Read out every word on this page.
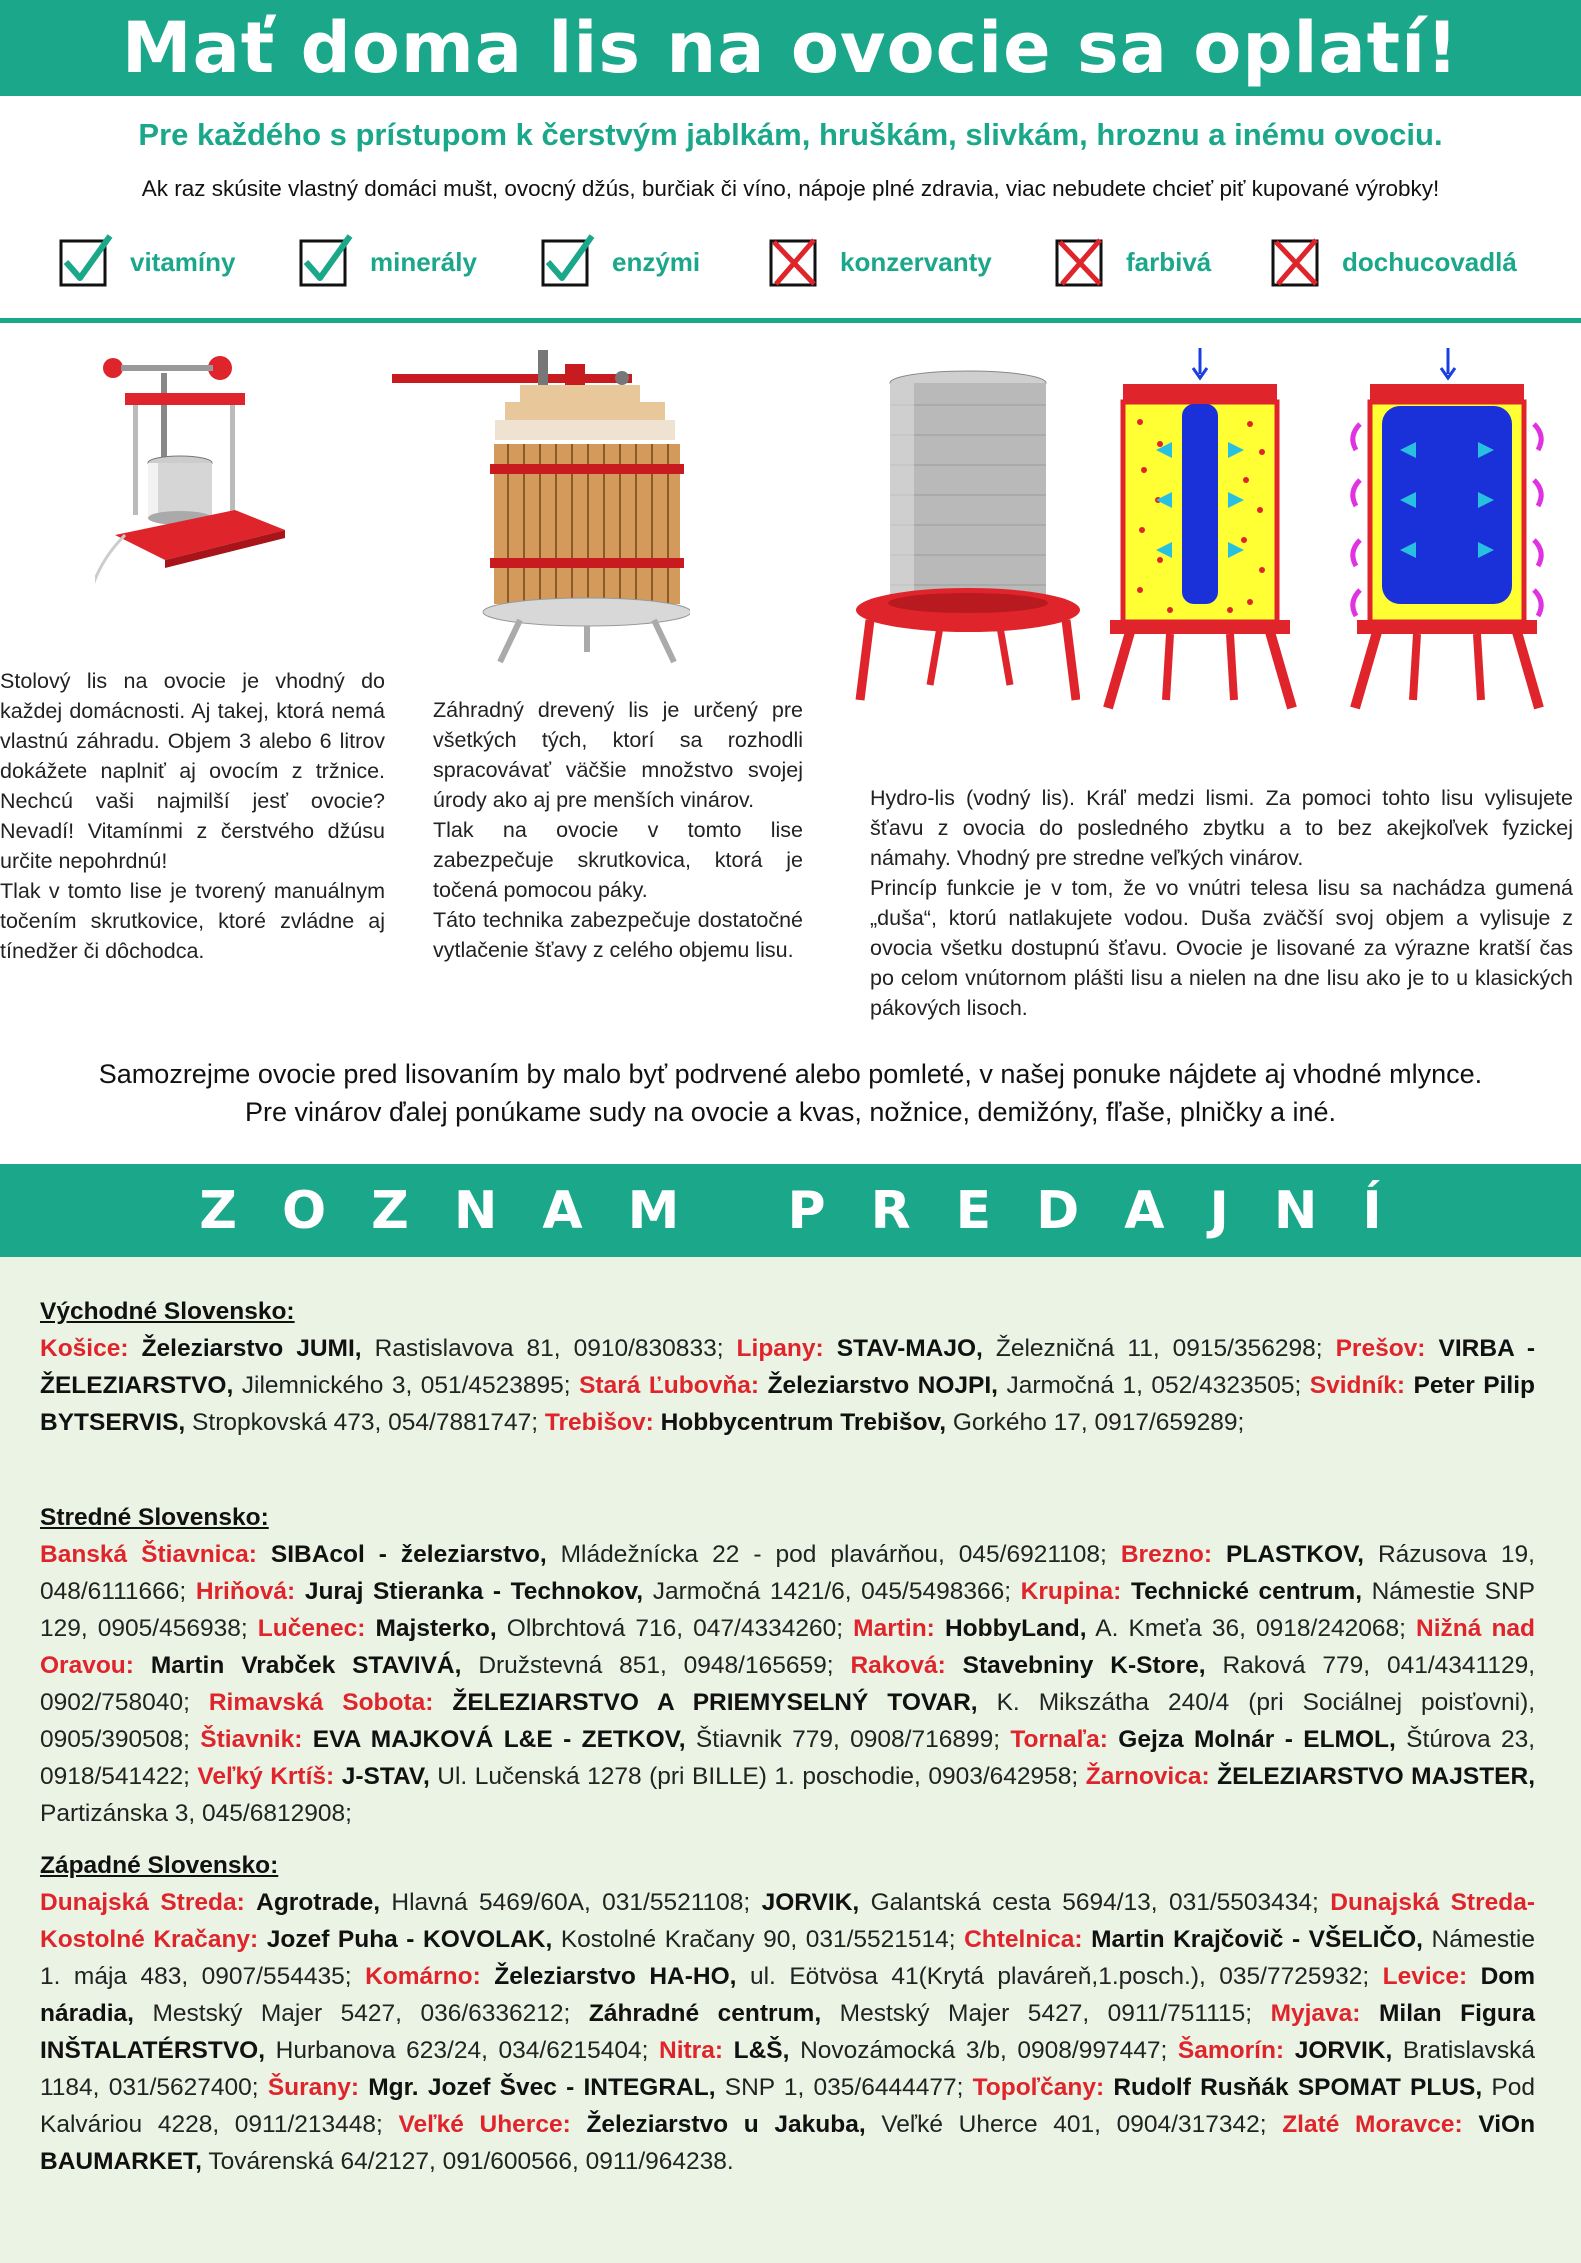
Mať doma lis na ovocie sa oplatí!
Pre každého s prístupom k čerstvým jablkám, hruškám, slivkám, hroznu a inému ovociu.
Ak raz skúsite vlastný domáci mušt, ovocný džús, burčiak či víno, nápoje plné zdravia, viac nebudete chcieť piť kupované výrobky!
vitamíny	minerály	enzými	konzervanty	farbivá	dochucovadlá

Stolový lis na ovocie je vhodný do každej domácnosti. Aj takej, ktorá nemá vlastnú záhradu. Objem 3 alebo 6 litrov dokážete naplniť aj ovocím z tržnice. Nechcú vaši najmilší jesť ovocie? Nevadí! Vitamínmi z čerstvého džúsu určite nepohrdnú!

Tlak v tomto lise je tvorený manuálnym točením skrutkovice, ktoré zvládne aj tínedžer či dôchodca.

Záhradný drevený lis je určený pre všetkých tých, ktorí sa rozhodli spracovávať väčšie množstvo svojej úrody ako aj pre menších vinárov.

Tlak na ovocie v tomto lise zabezpečuje skrutkovica, ktorá je točená pomocou páky.

Táto technika zabezpečuje dostatočné vytlačenie šťavy z celého objemu lisu.

Hydro-lis (vodný lis). Kráľ medzi lismi. Za pomoci tohto lisu vylisujete šťavu z ovocia do posledného zbytku a to bez akejkoľvek fyzickej námahy. Vhodný pre stredne veľkých vinárov.

Princíp funkcie je v tom, že vo vnútri telesa lisu sa nachádza gumená „duša“, ktorú natlakujete vodou. Duša zväčší svoj objem a vylisuje z ovocia všetku dostupnú šťavu. Ovocie je lisované za výrazne kratší čas po celom vnútornom plášti lisu a nielen na dne lisu ako je to u klasických pákových lisoch.

Samozrejme ovocie pred lisovaním by malo byť podrvené alebo pomleté, v našej ponuke nájdete aj vhodné mlynce.
Pre vinárov ďalej ponúkame sudy na ovocie a kvas, nožnice, demižóny, fľaše, plničky a iné.
ZOZNAM PREDAJNÍ
Východné Slovensko:
Košice: Železiarstvo JUMI, Rastislavova 81, 0910/830833; Lipany: STAV-MAJO, Železničná 11, 0915/356298; Prešov: VIRBA - ŽELEZIARSTVO, Jilemnického 3, 051/4523895; Stará Ľubovňa: Železiarstvo NOJPI, Jarmočná 1, 052/4323505; Svidník: Peter Pilip BYTSERVIS, Stropkovská 473, 054/7881747; Trebišov: Hobbycentrum Trebišov, Gorkého 17, 0917/659289;
Stredné Slovensko:
Banská Štiavnica: SIBAcol - železiarstvo, Mládežnícka 22 - pod plavárňou, 045/6921108; Brezno: PLASTKOV, Rázusova 19, 048/6111666; Hriňová: Juraj Stieranka - Technokov, Jarmočná 1421/6, 045/5498366; Krupina: Technické centrum, Námestie SNP 129, 0905/456938; Lučenec: Majsterko, Olbrchtová 716, 047/4334260; Martin: HobbyLand, A. Kmeťa 36, 0918/242068; Nižná nad Oravou: Martin Vrabček STAVIVÁ, Družstevná 851, 0948/165659; Raková: Stavebniny K-Store, Raková 779, 041/4341129, 0902/758040; Rimavská Sobota: ŽELEZIARSTVO A PRIEMYSELNÝ TOVAR, K. Mikszátha 240/4 (pri Sociálnej poisťovni), 0905/390508; Štiavnik: EVA MAJKOVÁ L&E - ZETKOV, Štiavnik 779, 0908/716899; Tornaľa: Gejza Molnár - ELMOL, Štúrova 23, 0918/541422; Veľký Krtíš: J-STAV, Ul. Lučenská 1278 (pri BILLE) 1. poschodie, 0903/642958; Žarnovica: ŽELEZIARSTVO MAJSTER, Partizánska 3, 045/6812908;
Západné Slovensko:
Dunajská Streda: Agrotrade, Hlavná 5469/60A, 031/5521108; JORVIK, Galantská cesta 5694/13, 031/5503434; Dunajská Streda-Kostolné Kračany: Jozef Puha - KOVOLAK, Kostolné Kračany 90, 031/5521514; Chtelnica: Martin Krajčovič - VŠELIČO, Námestie 1. mája 483, 0907/554435; Komárno: Železiarstvo HA-HO, ul. Eötvösa 41(Krytá plaváreň,1.posch.), 035/7725932; Levice: Dom náradia, Mestský Majer 5427, 036/6336212; Záhradné centrum, Mestský Majer 5427, 0911/751115; Myjava: Milan Figura INŠTALATÉRSTVO, Hurbanova 623/24, 034/6215404; Nitra: L&Š, Novozámocká 3/b, 0908/997447; Šamorín: JORVIK, Bratislavská 1184, 031/5627400; Šurany: Mgr. Jozef Švec - INTEGRAL, SNP 1, 035/6444477; Topoľčany: Rudolf Rusňák SPOMAT PLUS, Pod Kalváriou 4228, 0911/213448; Veľké Uherce: Železiarstvo u Jakuba, Veľké Uherce 401, 0904/317342; Zlaté Moravce: ViOn BAUMARKET, Továrenská 64/2127, 091/600566, 0911/964238.
